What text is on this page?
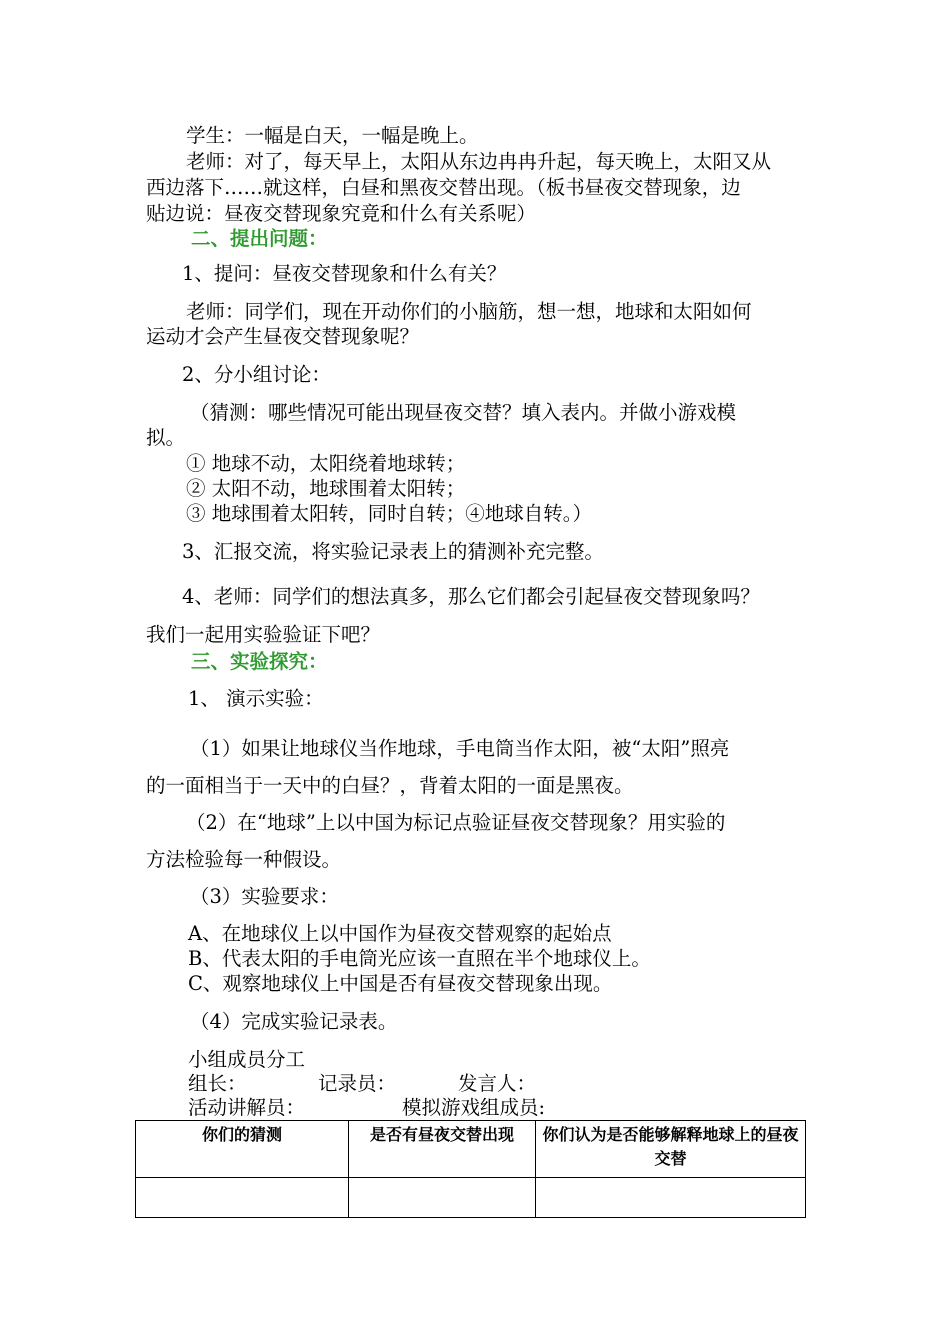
学生：一幅是白天，一幅是晚上。
老师：对了，每天早上，太阳从东边冉冉升起，每天晚上，太阳又从
西边落下……就这样，白昼和黑夜交替出现。（板书昼夜交替现象，边
贴边说：昼夜交替现象究竟和什么有关系呢）
二、提出问题：
1、提问：昼夜交替现象和什么有关？
老师：同学们，现在开动你们的小脑筋，想一想，地球和太阳如何
运动才会产生昼夜交替现象呢？
2、分小组讨论：
（猜测：哪些情况可能出现昼夜交替？填入表内。并做小游戏模
拟。
① 地球不动，太阳绕着地球转；
② 太阳不动，地球围着太阳转；
③ 地球围着太阳转，同时自转；④地球自转。）
3、汇报交流，将实验记录表上的猜测补充完整。
4、老师：同学们的想法真多，那么它们都会引起昼夜交替现象吗？
我们一起用实验验证下吧？
三、实验探究：
1、 演示实验：
（1）如果让地球仪当作地球，手电筒当作太阳，被“太阳”照亮
的一面相当于一天中的白昼？，背着太阳的一面是黑夜。
（2）在“地球”上以中国为标记点验证昼夜交替现象？用实验的
方法检验每一种假设。
（3）实验要求：
A、在地球仪上以中国作为昼夜交替观察的起始点
B、代表太阳的手电筒光应该一直照在半个地球仪上。
C、观察地球仪上中国是否有昼夜交替现象出现。
（4）完成实验记录表。
小组成员分工
组长：	记录员：	发言人：
活动讲解员：	模拟游戏组成员:
你们的猜测	是否有昼夜交替出现	你们认为是否能够解释地球上的昼夜交替
